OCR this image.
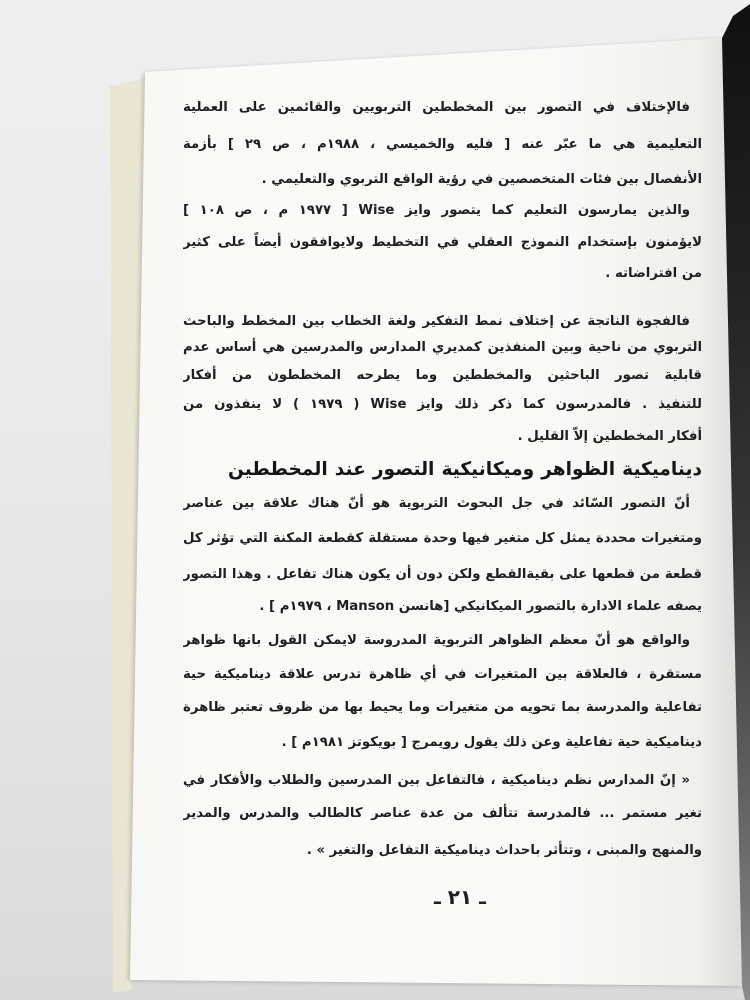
فالإختلاف في التصور بين المخططين التربويين والقائمين على العملية
التعليمية هي ما عبّر عنه [ فليه والخميسي ، ١٩٨٨م ، ص ٢٩ ] بأزمة
الأنفصال بين فئات المتخصصين في رؤية الواقع التربوي والتعليمي .
والذين يمارسون التعليم كما يتصور وايز Wise [ ١٩٧٧ م ، ص ١٠٨ ]
لايؤمنون بإستخدام النموذج العقلي في التخطيط ولايوافقون أيضاً على كثير
من افتراضاته .
فالفجوة الناتجة عن إختلاف نمط التفكير ولغة الخطاب بين المخطط والباحث
التربوي من ناحية وبين المنفذين كمديري المدارس والمدرسين هي أساس عدم
قابلية تصور الباحثين والمخططين وما يطرحه المخططون من أفكار
للتنفيذ . فالمدرسون كما ذكر ذلك وايز Wise ( ١٩٧٩ ) لا ينفذون من
أفكار المخططين إلاّ القليل .
ديناميكية الظواهر وميكانيكية التصور عند المخططين
أنّ التصور السّائد في جل البحوث التربوية هو أنّ هناك علاقة بين عناصر
ومتغيرات محددة يمثل كل متغير فيها وحدة مستقلة كقطعة المكنة التي تؤثر كل
قطعة من قطعها على بقيةالقطع ولكن دون أن يكون هناك تفاعل . وهذا التصور
يصفه علماء الادارة بالتصور الميكانيكي [هانسن Manson ، ١٩٧٩م ] .
والواقع هو أنّ معظم الظواهر التربوية المدروسة لايمكن القول بانها ظواهر
مستقرة ، فالعلاقة بين المتغيرات في أي ظاهرة تدرس علاقة ديناميكية حية
تفاعلية والمدرسة بما تحويه من متغيرات وما يحيط بها من ظروف تعتبر ظاهرة
ديناميكية حية تفاعلية وعن ذلك يقول رويمرج [ بويكوتز ١٩٨١م ] .
« إنّ المدارس نظم ديناميكية ، فالتفاعل بين المدرسين والطلاب والأفكار في
تغير مستمر ... فالمدرسة تتألف من عدة عناصر كالطالب والمدرس والمدير
والمنهج والمبنى ، وتتأثر باحداث ديناميكية التفاعل والتغير » .
ـ ٢١ ـ
